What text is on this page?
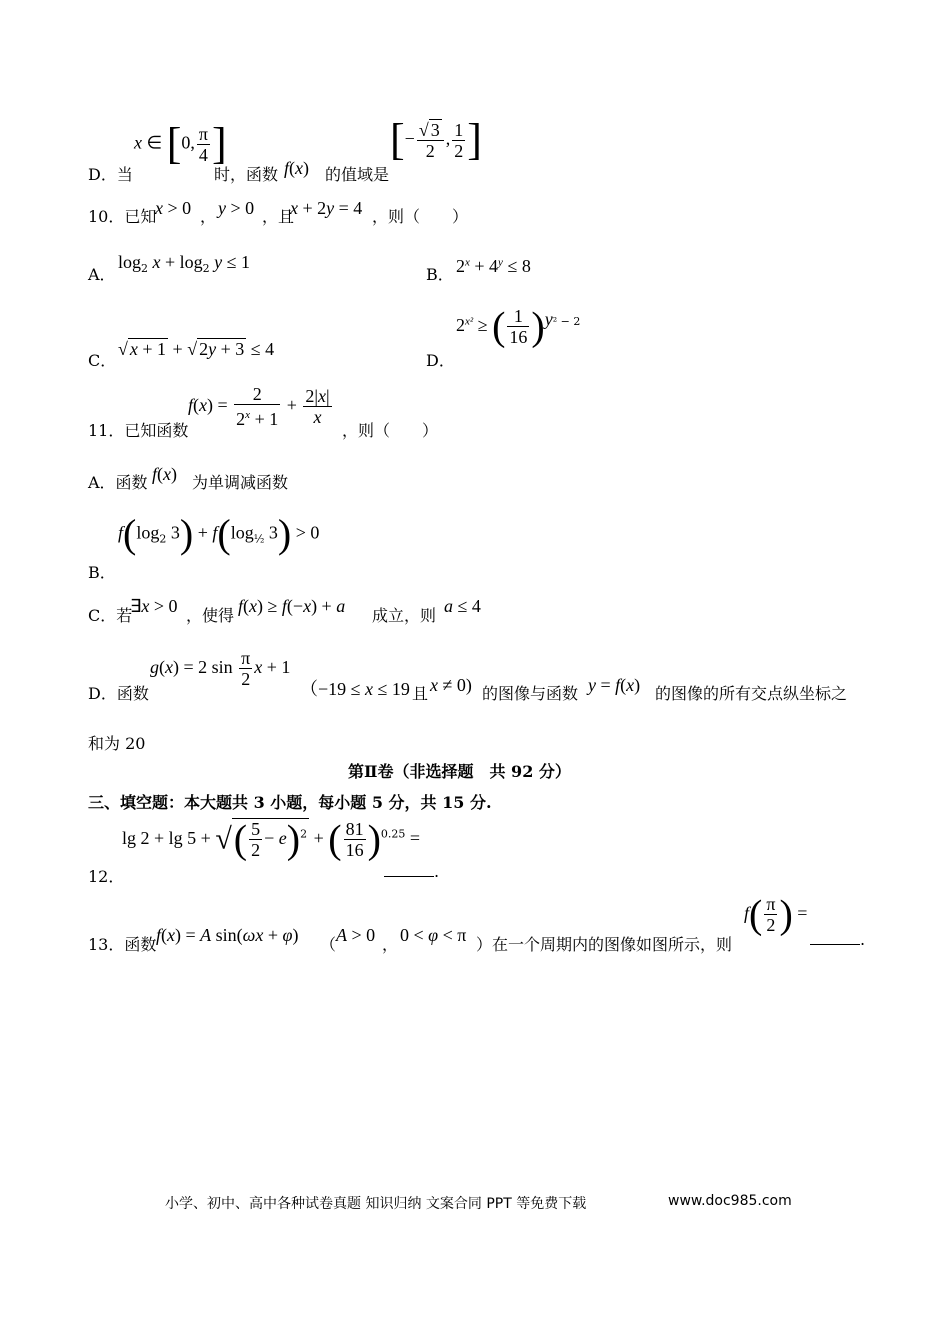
D．当
x ∈ [0, $\frac{\pi}{4}$ ]
时，函数 f(x) 的值域是
[− $\frac{√ 3}{2}$ , $\frac{1}{2}$ ]
10．已知
x > 0 ， y > 0 ，且
x + 2y = 4 ，则（　　）
A．
$\log_2 x + \log_2 y \le 1$
B． $2^x + 4^y \le 8$
C．
√ x + 1 + √ 2y + 3 ≤ 4
D．
$2^{x^2}$ ≥ ( $\frac{1}{16} )^{y^2 - 2}$
11．已知函数
$f(x) = \frac{2}{2^x + 1} + \frac{2|x|}{x}$
，则（　　）
A．函数 f(x) 为单调减函数
$f(\log_2$ $3) + f(\log_{\frac{1}{2}}$ 3) > 0
B．
C．若
∃x > 0 ，使得 f(x) ≥ f(−x) + a 成立，则 a ≤ 4
D．函数
g(x) = 2 $\sin \frac{\pi}{2}$ x + 1
（−19 ≤ x ≤ 19 且 x ≠ 0) 的图像与函数 y = f(x) 的图像的所有交点纵坐标之
和为 20
第Ⅱ卷（非选择题　共 92 分）
三、填空题：本大题共 3 小题，每小题 5 分，共 15 分.
lg 2 + lg 5 + √( $\frac{5}{2} - e)^2$ + ( $\frac{81}{16} )^{0.25}$ =
12．	.
13．函数 f(x) = A sin(ωx + φ) （ A > 0 ， 0 < φ < π ）在一个周期内的图像如图所示，则
$f( \frac{\pi}{2}$ ) =
.
小学、初中、高中各种试卷真题 知识归纳 文案合同 PPT 等免费下载	www.doc985.com
